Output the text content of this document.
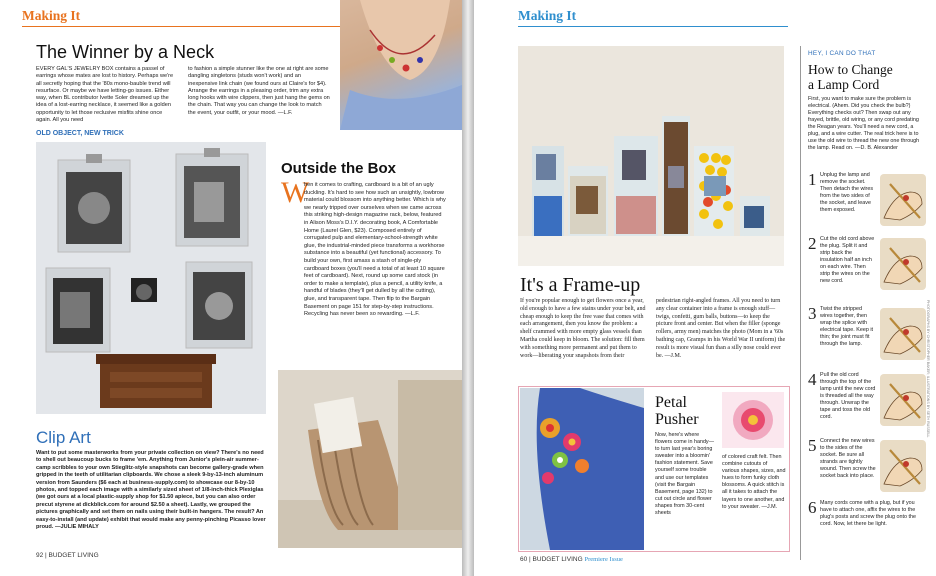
Making It
The Winner by a Neck
EVERY GAL'S JEWELRY BOX contains a passel of earrings whose mates are lost to history. Perhaps we're all secretly hoping that the '80s mono-bauble trend will resurface. Or maybe we have letting-go issues. Either way, when BL contributor Ivette Soler dreamed up the idea of a lost-earring necklace, it seemed like a golden opportunity to let those reclusive misfits shine once again. All you need
to fashion a simple stunner like the one at right are some dangling singletons (studs won't work) and an inexpensive link chain (we found ours at Claire's for $4). Arrange the earrings in a pleasing order, trim any extra long hooks with wire clippers, then just hang the gems on the chain. That way you can change the look to match the event, your outfit, or your mood. —L.F.
OLD OBJECT, NEW TRICK
Outside the Box
W
hen it comes to crafting, cardboard is a bit of an ugly duckling. It's hard to see how such an unsightly, lowbrow material could blossom into anything better. Which is why we nearly tripped over ourselves when we came across this striking high-design magazine rack, below, featured in Alison Moss's D.I.Y. decorating book, A Comfortable Home (Laurel Glen, $23). Composed entirely of corrugated pulp and elementary-school-strength white glue, the industrial-minded piece transforms a workhorse substance into a beautiful (yet functional) accessory. To build your own, first amass a stash of single-ply cardboard boxes (you'll need a total of at least 10 square feet of cardboard). Next, round up some card stock (in order to make a template), plus a pencil, a utility knife, a handful of blades (they'll get dulled by all the cutting), glue, and transparent tape. Then flip to the Bargain Basement on page 151 for step-by-step instructions. Recycling has never been so rewarding. —L.F.
Clip Art
Want to put some masterworks from your private collection on view? There's no need to shell out beaucoup bucks to frame 'em. Anything from Junior's plein-air summer-camp scribbles to your own Stieglitz-style snapshots can become gallery-grade when gripped in the teeth of utilitarian clipboards. We chose a sleek 9-by-13-inch aluminum version from Saunders ($6 each at business-supply.com) to showcase our 8-by-10 photos, and topped each image with a similarly sized sheet of 1/8-inch-thick Plexiglas (we got ours at a local plastic-supply shop for $1.50 apiece, but you can also order precut styrene at dickblick.com for around $2.50 a sheet). Lastly, we grouped the pictures graphically and set them on nails using their built-in hangers. The result? An easy-to-install (and update) exhibit that would make any penny-pinching Picasso lover proud. —JULIE MIHALY
92 | BUDGET LIVING
Making It
It's a Frame-up
If you're popular enough to get flowers once a year, old enough to have a few stains under your belt, and cheap enough to keep the free vase that comes with each arrangement, then you know the problem: a shelf crammed with more empty glass vessels than Martha could keep in bloom. The solution: fill them with something more permanent and put them to work—liberating your snapshots from their
pedestrian right-angled frames. All you need to turn any clear container into a frame is enough stuff—twigs, confetti, gum balls, buttons—to keep the picture front and center. But when the filler (sponge rollers, army men) matches the photo (Mom in a '60s bathing cap, Gramps in his World War II uniform) the result is more visual fun than a silly nose could ever be. —J.M.
Petal
Pusher
Now, here's where flowers come in handy—to turn last year's boring sweater into a bloomin' fashion statement. Save yourself some trouble and use our templates (visit the Bargain Basement, page 132) to cut out circle and flower shapes from 30-cent sheets
of colored craft felt. Then combine cutouts of various shapes, sizes, and hues to form funky cloth blossoms. A quick stitch is all it takes to attach the layers to one another, and to your sweater. —J.M.
60 | BUDGET LIVING Premiere Issue
HEY, I CAN DO THAT
How to Change
a Lamp Cord
First, you want to make sure the problem is electrical. (Ahem. Did you check the bulb?) Everything checks out? Then swap out any frayed, brittle, old wiring, or any cord predating the Reagan years. You'll need a new cord, a plug, and a wire cutter. The real trick here is to use the old wire to thread the new one through the lamp. Read on. —D. B. Alexander
1 Unplug the lamp and remove the socket. Then detach the wires from the two sides of the socket, and leave them exposed.
2 Cut the old cord above the plug. Split it and strip back the insulation half an inch on each wire. Then strip the wires on the new cord.
3 Twist the stripped wires together, then wrap the splice with electrical tape. Keep it thin; the joint must fit through the lamp.
4 Pull the old cord through the top of the lamp until the new cord is threaded all the way through. Unwrap the tape and toss the old cord.
5 Connect the new wires to the sides of the socket. Be sure all strands are tightly wound. Then screw the socket back into place.
6 Many cords come with a plug, but if you have to attach one, affix the wires to the plug's posts and screw the plug onto the cord. Now, let there be light.
PHOTOGRAPHS BY CHRISTOPHER BAKER; ILLUSTRATIONS BY SETH RUSSELL
